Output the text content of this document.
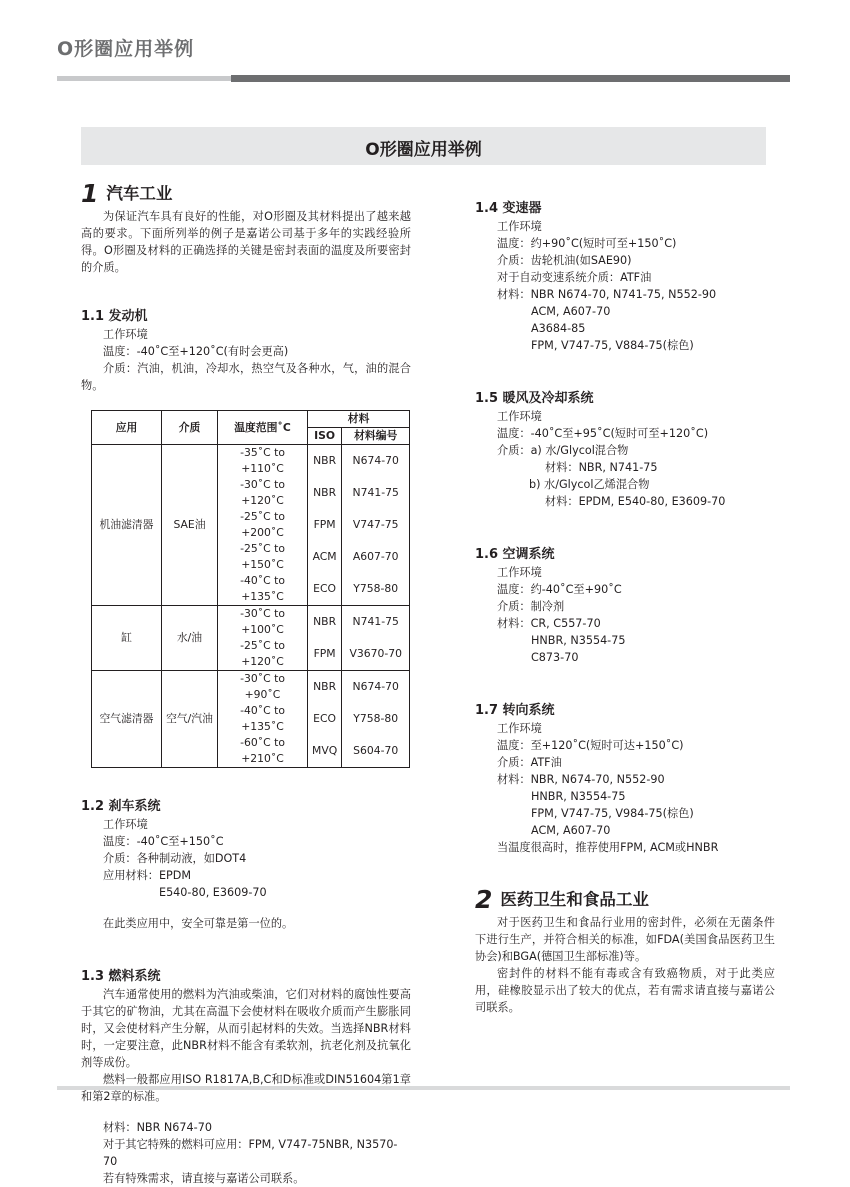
O形圈应用举例
O形圈应用举例
1 汽车工业
为保证汽车具有良好的性能，对O形圈及其材料提出了越来越高的要求。下面所列举的例子是嘉诺公司基于多年的实践经验所得。O形圈及材料的正确选择的关键是密封表面的温度及所要密封的介质。
1.1 发动机
工作环境
温度：-40˚C至+120˚C(有时会更高)
介质：汽油，机油，冷却水，热空气及各种水，气，油的混合物。
应用	介质	温度范围˚C	材料	
			ISO	材料编号
机油滤清器	SAE油	-35˚C to +110˚C	NBR	N674-70
		-30˚C to +120˚C	NBR	N741-75
		-25˚C to +200˚C	FPM	V747-75
		-25˚C to +150˚C	ACM	A607-70
		-40˚C to +135˚C	ECO	Y758-80
缸	水/油	-30˚C to +100˚C	NBR	N741-75
		-25˚C to +120˚C	FPM	V3670-70
空气滤清器	空气/汽油	-30˚C to +90˚C	NBR	N674-70
		-40˚C to +135˚C	ECO	Y758-80
		-60˚C to +210˚C	MVQ	S604-70
1.2 刹车系统
工作环境
温度：-40˚C至+150˚C
介质：各种制动液，如DOT4
应用材料：EPDM
E540-80, E3609-70
在此类应用中，安全可靠是第一位的。
1.3 燃料系统
汽车通常使用的燃料为汽油或柴油，它们对材料的腐蚀性要高于其它的矿物油，尤其在高温下会使材料在吸收介质而产生膨胀同时，又会使材料产生分解，从而引起材料的失效。当选择NBR材料时，一定要注意，此NBR材料不能含有柔软剂，抗老化剂及抗氧化剂等成份。
燃料一般都应用ISO R1817A,B,C和D标准或DIN51604第1章和第2章的标准。
材料：NBR N674-70
对于其它特殊的燃料可应用：FPM, V747-75NBR, N3570-70
若有特殊需求，请直接与嘉诺公司联系。
1.4 变速器
工作环境
温度：约+90˚C(短时可至+150˚C)
介质：齿轮机油(如SAE90)
对于自动变速系统介质：ATF油
材料：NBR N674-70, N741-75, N552-90
ACM, A607-70
A3684-85
FPM, V747-75, V884-75(棕色)
1.5 暖风及冷却系统
工作环境
温度：-40˚C至+95˚C(短时可至+120˚C)
介质：a) 水/Glycol混合物
材料：NBR, N741-75
b) 水/Glycol乙烯混合物
材料：EPDM, E540-80, E3609-70
1.6 空调系统
工作环境
温度：约-40˚C至+90˚C
介质：制冷剂
材料：CR, C557-70
HNBR, N3554-75
C873-70
1.7 转向系统
工作环境
温度：至+120˚C(短时可达+150˚C)
介质：ATF油
材料：NBR, N674-70, N552-90
HNBR, N3554-75
FPM, V747-75, V984-75(棕色)
ACM, A607-70
当温度很高时，推荐使用FPM, ACM或HNBR
2 医药卫生和食品工业
对于医药卫生和食品行业用的密封件，必须在无菌条件下进行生产，并符合相关的标准，如FDA(美国食品医药卫生协会)和BGA(德国卫生部标准)等。
密封件的材料不能有毒或含有致癌物质，对于此类应用，硅橡胶显示出了较大的优点，若有需求请直接与嘉诺公司联系。
